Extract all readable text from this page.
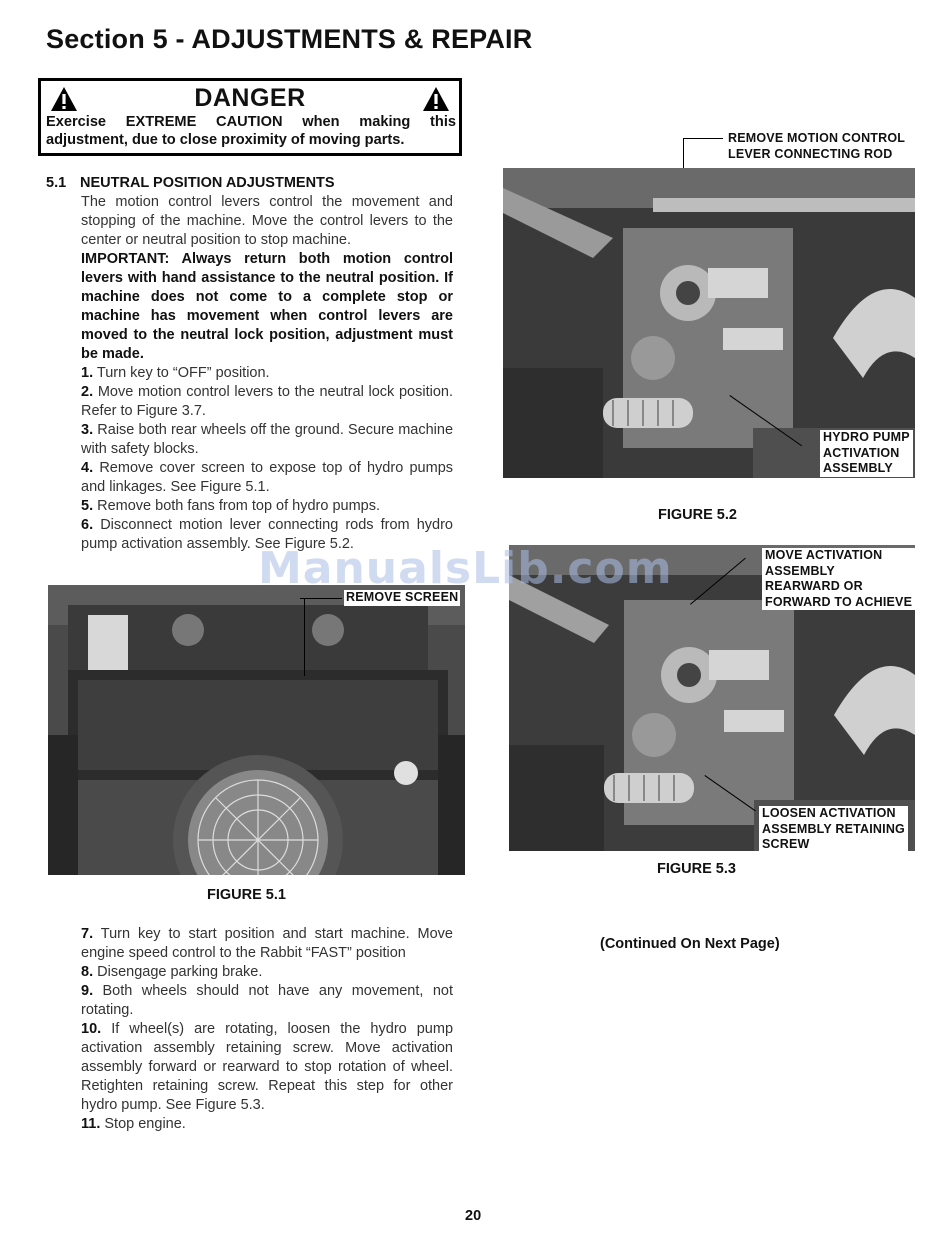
Section 5 - ADJUSTMENTS & REPAIR
DANGER
Exercise EXTREME CAUTION when making this
adjustment, due to close proximity of moving parts.
5.1 NEUTRAL POSITION ADJUSTMENTS

The motion control levers control the movement and stopping of the machine. Move the control levers to the center or neutral position to stop machine.

IMPORTANT: Always return both motion control levers with hand assistance to the neutral position. If machine does not come to a complete stop or machine has movement when control levers are moved to the neutral lock position, adjustment must be made.

1. Turn key to “OFF” position.

2. Move motion control levers to the neutral lock position. Refer to Figure 3.7.

3. Raise both rear wheels off the ground. Secure machine with safety blocks.

4. Remove cover screen to expose top of hydro pumps and linkages. See Figure 5.1.

5. Remove both fans from top of hydro pumps.

6. Disconnect motion lever connecting rods from hydro pump activation assembly. See Figure 5.2.

REMOVE SCREEN
FIGURE 5.1

7. Turn key to start position and start machine. Move engine speed control to the Rabbit “FAST” position

8. Disengage parking brake.

9. Both wheels should not have any movement, not rotating.

10. If wheel(s) are rotating, loosen the hydro pump activation assembly retaining screw. Move activation assembly forward or rearward to stop rotation of wheel. Retighten retaining screw. Repeat this step for other hydro pump. See Figure 5.3.

11. Stop engine.

REMOVE MOTION CONTROL
LEVER CONNECTING ROD
HYDRO PUMP
ACTIVATION
ASSEMBLY
FIGURE 5.2
MOVE ACTIVATION
ASSEMBLY
REARWARD OR
FORWARD TO ACHIEVE
LOOSEN ACTIVATION
ASSEMBLY RETAINING
SCREW
FIGURE 5.3
ManualsLib.com
(Continued On Next Page)
20
